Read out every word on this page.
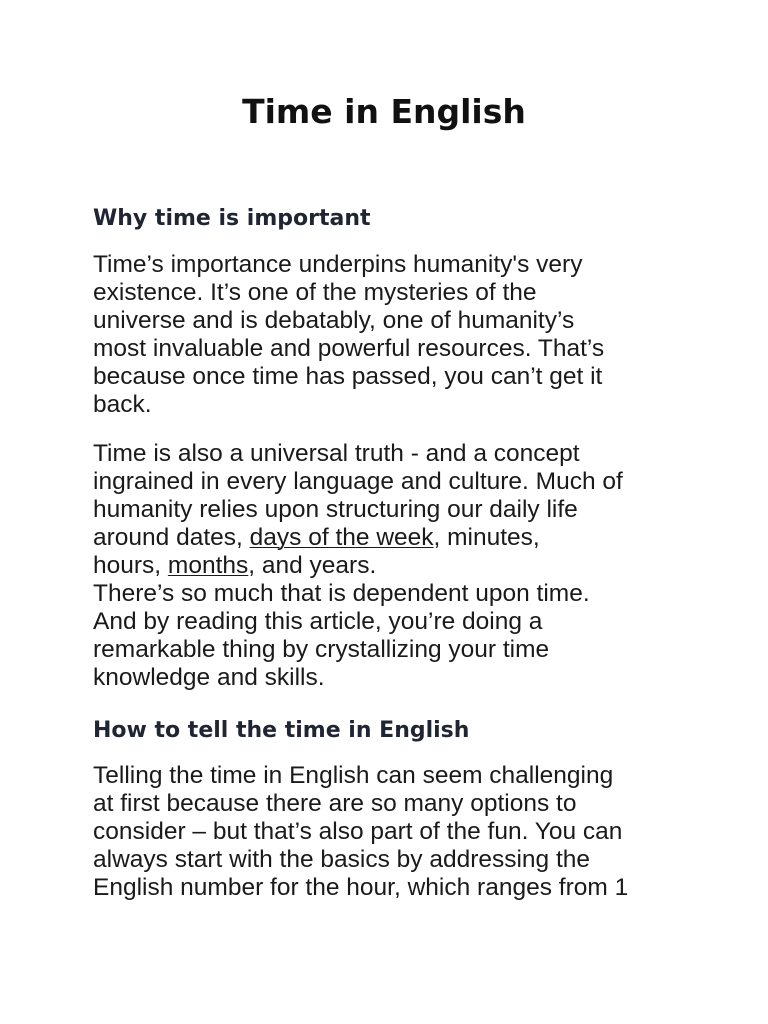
Time in English
Why time is important

Time’s importance underpins humanity's very
existence. It’s one of the mysteries of the
universe and is debatably, one of humanity’s
most invaluable and powerful resources. That’s
because once time has passed, you can’t get it
back.

Time is also a universal truth - and a concept
ingrained in every language and culture. Much of
humanity relies upon structuring our daily life
around dates, days of the week, minutes,
hours, months, and years.
There’s so much that is dependent upon time.
And by reading this article, you’re doing a
remarkable thing by crystallizing your time
knowledge and skills.

How to tell the time in English

Telling the time in English can seem challenging
at first because there are so many options to
consider – but that’s also part of the fun. You can
always start with the basics by addressing the
English number for the hour, which ranges from 1
